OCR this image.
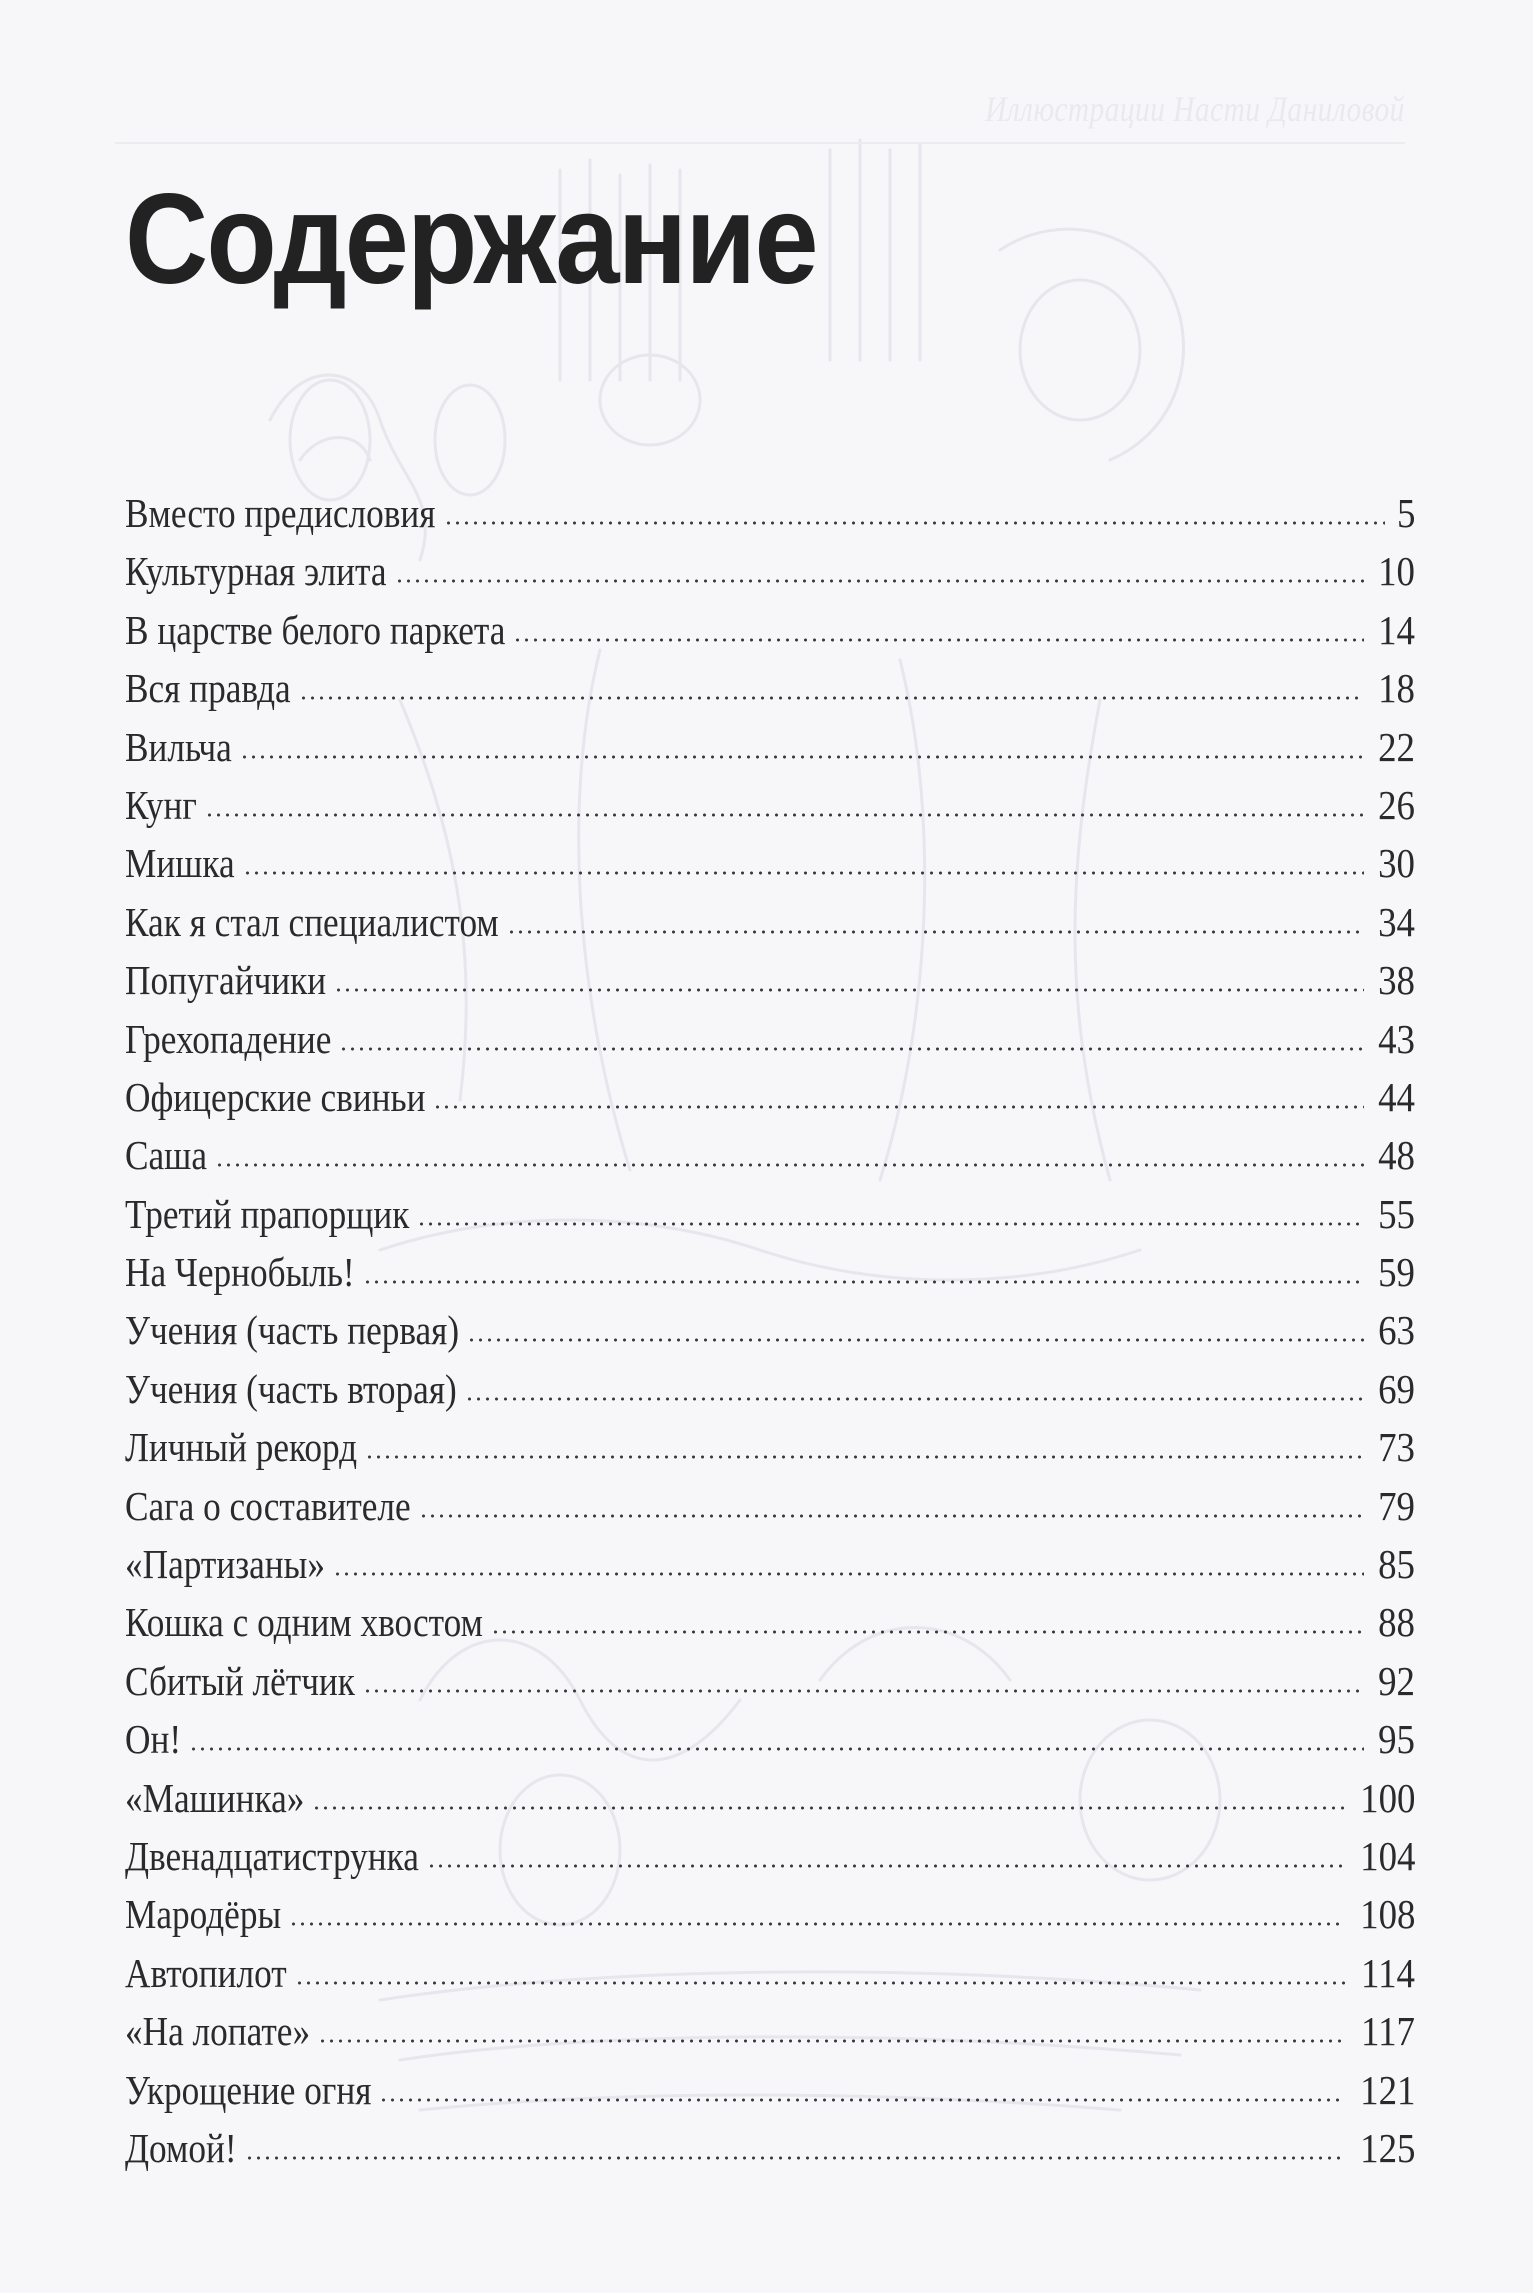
Иллюстрации Насти Даниловой
Содержание
Вместо предисловия	5
Культурная элита	10
В царстве белого паркета	14
Вся правда	18
Вильча	22
Кунг	26
Мишка	30
Как я стал специалистом	34
Попугайчики	38
Грехопадение	43
Офицерские свиньи	44
Саша	48
Третий прапорщик	55
На Чернобыль!	59
Учения (часть первая)	63
Учения (часть вторая)	69
Личный рекорд	73
Сага о составителе	79
«Партизаны»	85
Кошка с одним хвостом	88
Сбитый лётчик	92
Он!	95
«Машинка»	100
Двенадцатиструнка	104
Мародёры	108
Автопилот	114
«На лопате»	117
Укрощение огня	121
Домой!	125
